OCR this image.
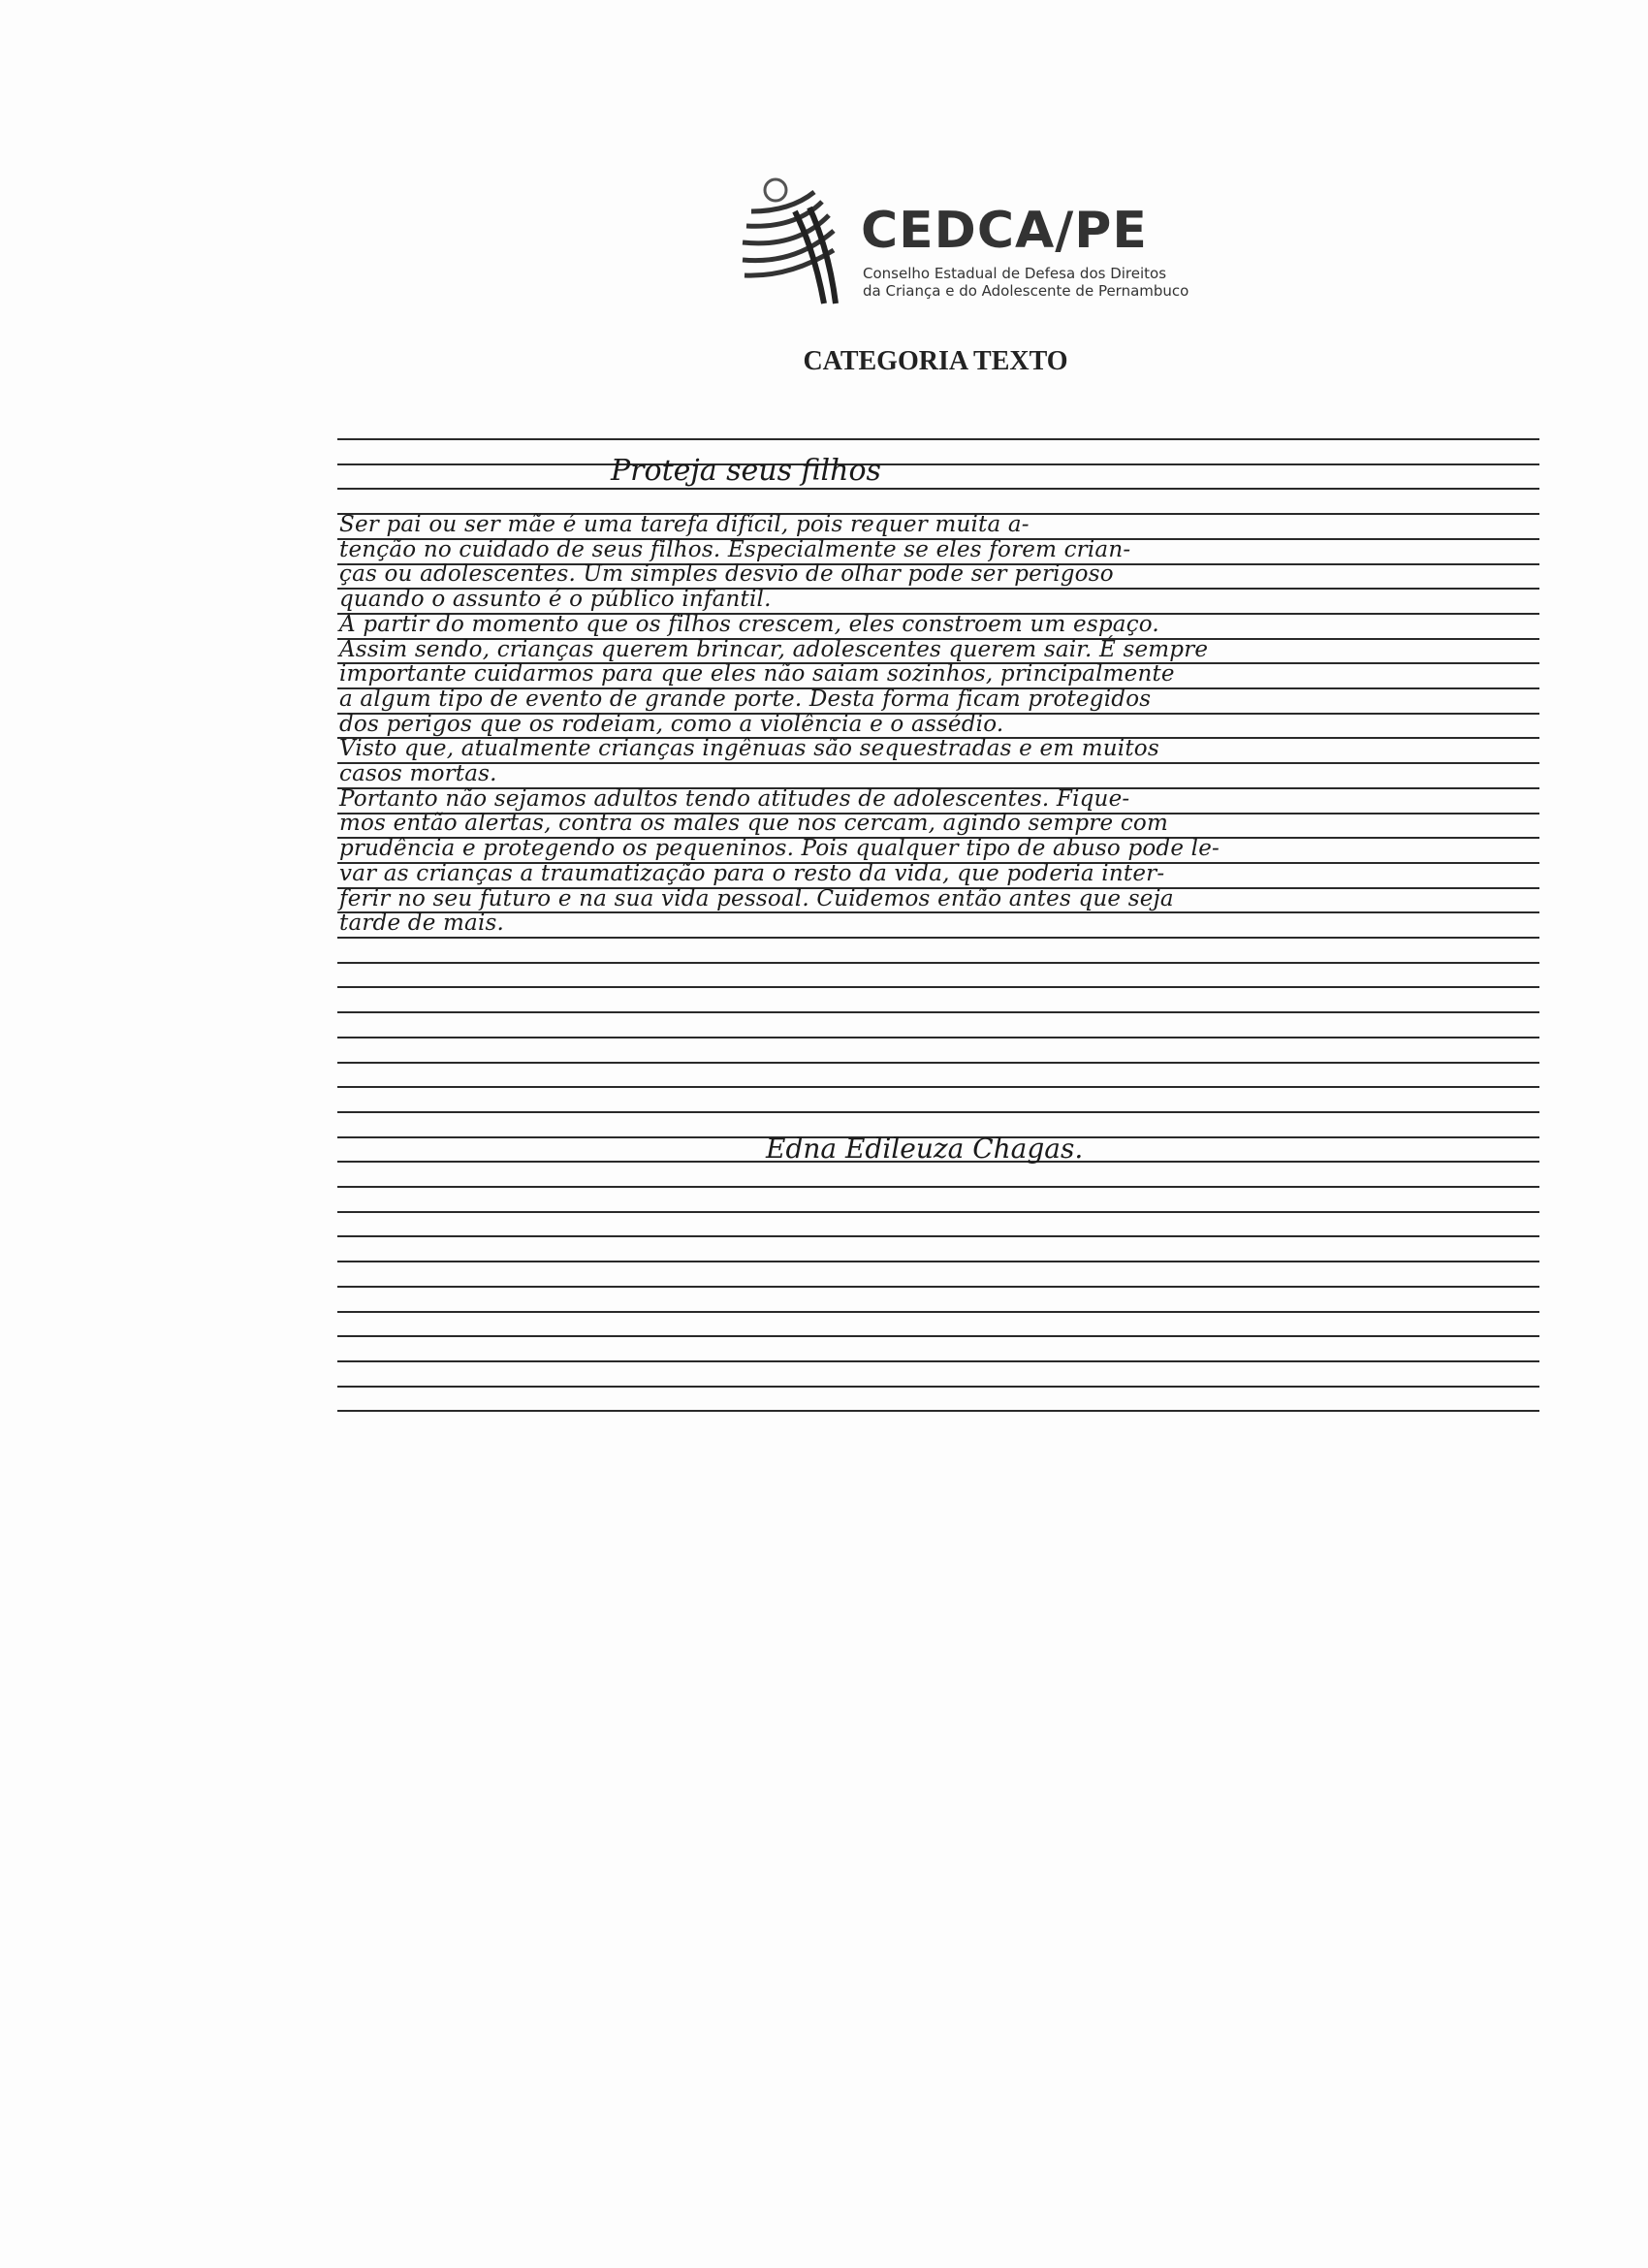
CEDCA/PE
Conselho Estadual de Defesa dos Direitos
da Criança e do Adolescente de Pernambuco
CATEGORIA TEXTO
Proteja seus filhos
Ser pai ou ser mãe é uma tarefa difícil, pois requer muita a-
tenção no cuidado de seus filhos. Especialmente se eles forem crian-
ças ou adolescentes. Um simples desvio de olhar pode ser perigoso
quando o assunto é o público infantil.
A partir do momento que os filhos crescem, eles constroem um espaço.
Assim sendo, crianças querem brincar, adolescentes querem sair. É sempre
importante cuidarmos para que eles não saiam sozinhos, principalmente
a algum tipo de evento de grande porte. Desta forma ficam protegidos
dos perigos que os rodeiam, como a violência e o assédio.
Visto que, atualmente crianças ingênuas são sequestradas e em muitos
casos mortas.
Portanto não sejamos adultos tendo atitudes de adolescentes. Fique-
mos então alertas, contra os males que nos cercam, agindo sempre com
prudência e protegendo os pequeninos. Pois qualquer tipo de abuso pode le-
var as crianças a traumatização para o resto da vida, que poderia inter-
ferir no seu futuro e na sua vida pessoal. Cuidemos então antes que seja
tarde de mais.
Edna Edileuza Chagas.
